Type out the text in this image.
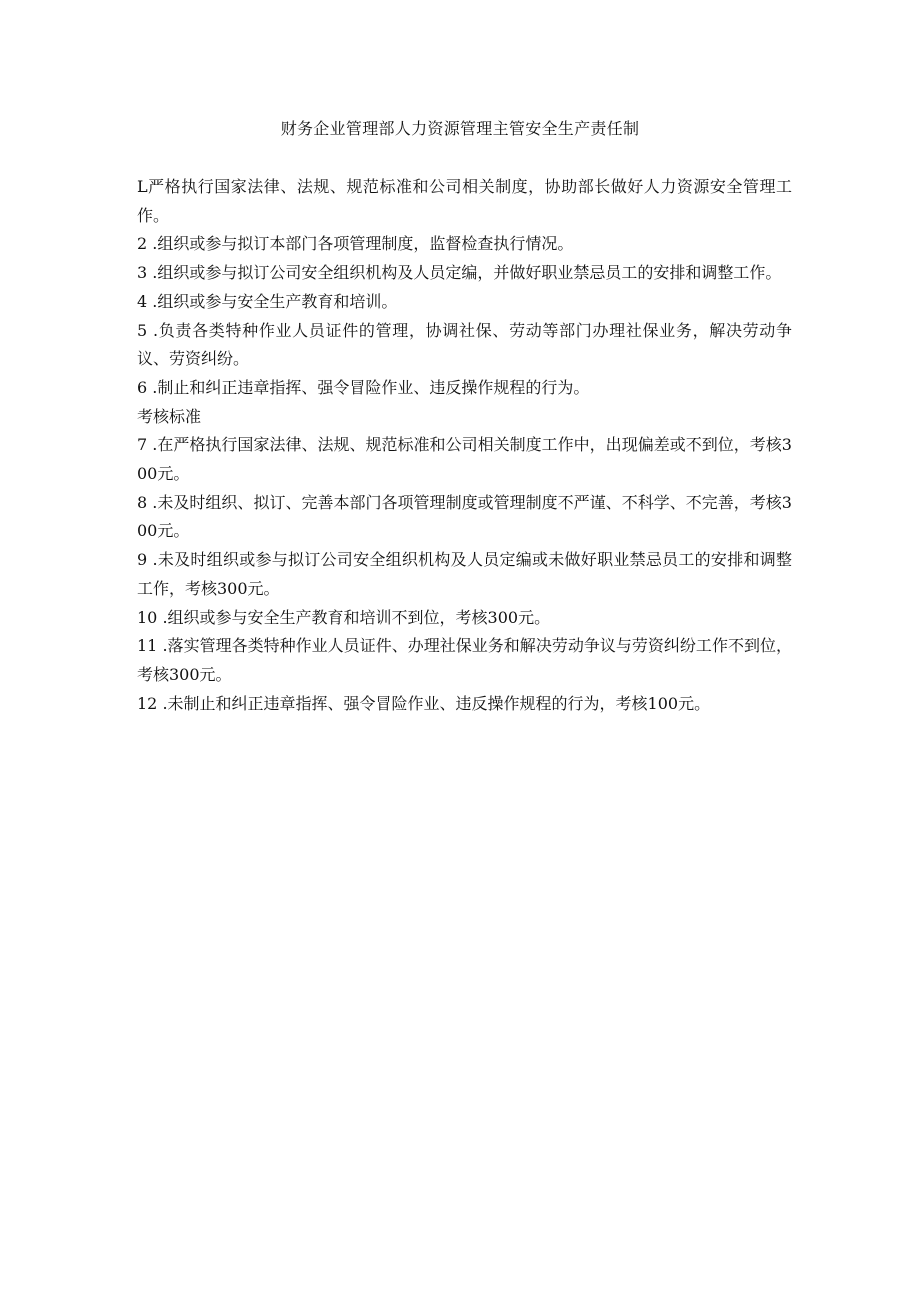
财务企业管理部人力资源管理主管安全生产责任制

L严格执行国家法律、法规、规范标准和公司相关制度，协助部长做好人力资源安全管理工作。

2 .组织或参与拟订本部门各项管理制度，监督检查执行情况。

3 .组织或参与拟订公司安全组织机构及人员定编，并做好职业禁忌员工的安排和调整工作。

4 .组织或参与安全生产教育和培训。

5 .负责各类特种作业人员证件的管理，协调社保、劳动等部门办理社保业务，解决劳动争议、劳资纠纷。

6 .制止和纠正违章指挥、强令冒险作业、违反操作规程的行为。

考核标准

7 .在严格执行国家法律、法规、规范标准和公司相关制度工作中，出现偏差或不到位，考核300元。

8 .未及时组织、拟订、完善本部门各项管理制度或管理制度不严谨、不科学、不完善，考核300元。

9 .未及时组织或参与拟订公司安全组织机构及人员定编或未做好职业禁忌员工的安排和调整工作，考核300元。

10 .组织或参与安全生产教育和培训不到位，考核300元。

11 .落实管理各类特种作业人员证件、办理社保业务和解决劳动争议与劳资纠纷工作不到位，考核300元。

12 .未制止和纠正违章指挥、强令冒险作业、违反操作规程的行为，考核100元。
